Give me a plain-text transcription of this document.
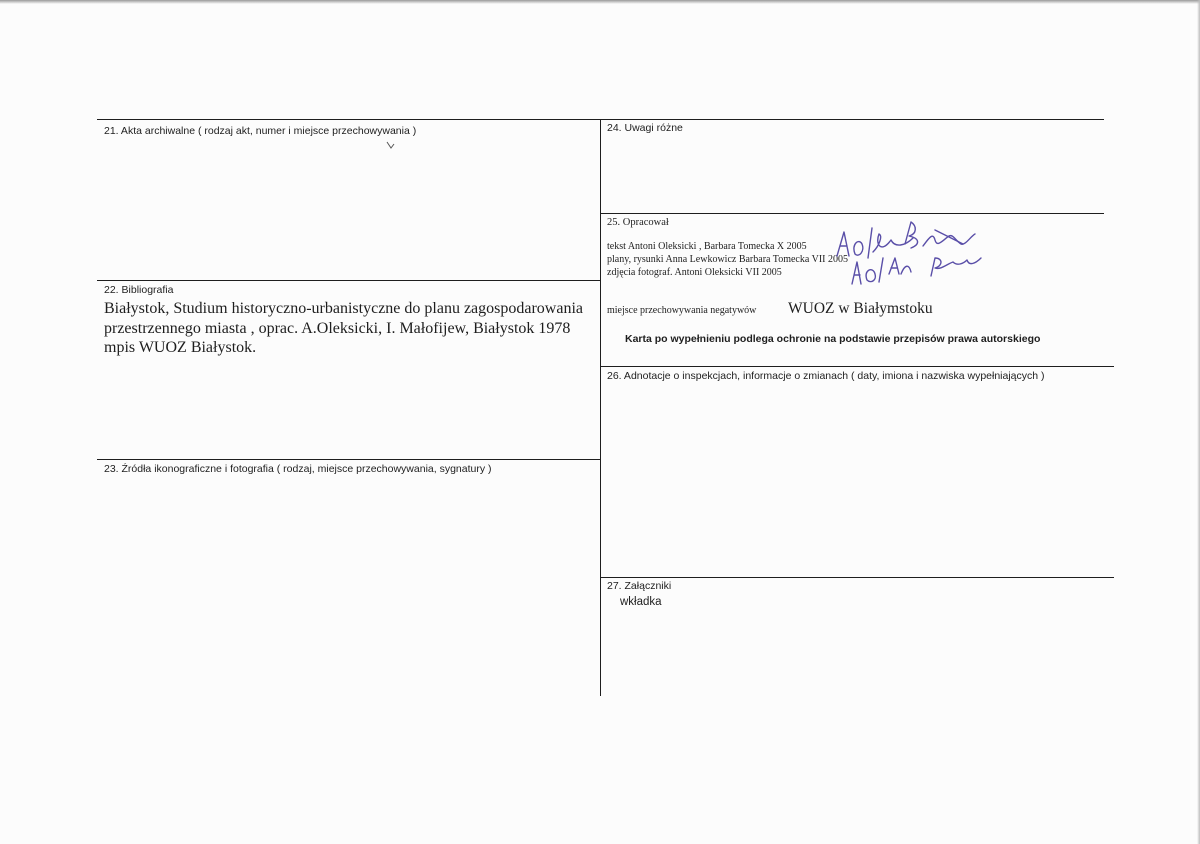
21. Akta archiwalne ( rodzaj akt, numer i miejsce przechowywania )
22. Bibliografia
Białystok, Studium historyczno-urbanistyczne do planu zagospodarowania przestrzennego miasta , oprac. A.Oleksicki, I. Małofijew, Białystok 1978 mpis WUOZ Białystok.
23. Źródła ikonograficzne i fotografia ( rodzaj, miejsce przechowywania, sygnatury )
24. Uwagi różne
25. Opracował
tekst Antoni Oleksicki , Barbara Tomecka X 2005
plany, rysunki Anna Lewkowicz Barbara Tomecka VII 2005
zdjęcia fotograf. Antoni Oleksicki VII 2005
miejsce przechowywania negatywów WUOZ w Białymstoku
Karta po wypełnieniu podlega ochronie na podstawie przepisów prawa autorskiego
26. Adnotacje o inspekcjach, informacje o zmianach ( daty, imiona i nazwiska wypełniających )
27. Załączniki
wkładka
